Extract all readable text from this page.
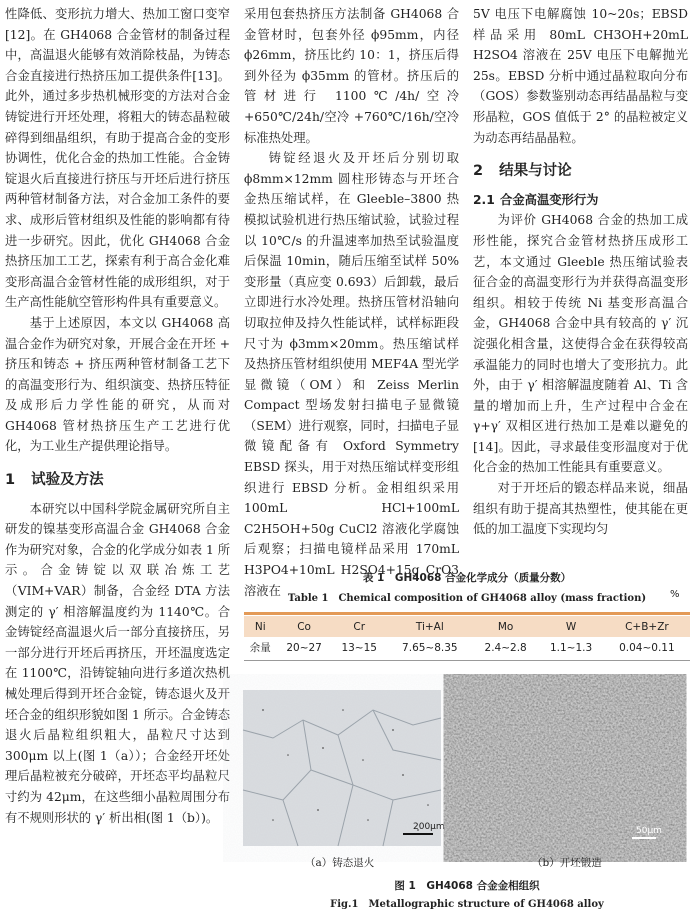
性降低、变形抗力增大、热加工窗口变窄[12]。在 GH4068 合金管材的制备过程中，高温退火能够有效消除枝晶，为铸态合金直接进行热挤压加工提供条件[13]。此外，通过多步热机械形变的方法对合金铸锭进行开坯处理，将粗大的铸态晶粒破碎得到细晶组织，有助于提高合金的变形协调性，优化合金的热加工性能。合金铸锭退火后直接进行挤压与开坯后进行挤压两种管材制备方法，对合金加工条件的要求、成形后管材组织及性能的影响都有待进一步研究。因此，优化 GH4068 合金热挤压加工工艺，探索有利于高合金化难变形高温合金管材性能的成形组织，对于生产高性能航空管形构件具有重要意义。

基于上述原因，本文以 GH4068 高温合金作为研究对象，开展合金在开坯 + 挤压和铸态 + 挤压两种管材制备工艺下的高温变形行为、组织演变、热挤压特征及成形后力学性能的研究，从而对 GH4068 管材热挤压生产工艺进行优化，为工业生产提供理论指导。

1 试验及方法

本研究以中国科学院金属研究所自主研发的镍基变形高温合金 GH4068 合金作为研究对象，合金的化学成分如表 1 所示。合金铸锭以双联冶炼工艺（VIM+VAR）制备，合金经 DTA 方法测定的 γ′ 相溶解温度约为 1140℃。合金铸锭经高温退火后一部分直接挤压，另一部分进行开坯后再挤压，开坯温度选定在 1100℃，沿铸锭轴向进行多道次热机械处理后得到开坯合金锭，铸态退火及开坯合金的组织形貌如图 1 所示。合金铸态退火后晶粒组织粗大，晶粒尺寸达到 300μm 以上(图 1（a））；合金经开坯处理后晶粒被充分破碎，开坯态平均晶粒尺寸约为 42μm，在这些细小晶粒周围分布有不规则形状的 γ′ 析出相(图 1（b）)。

采用包套热挤压方法制备 GH4068 合金管材时，包套外径 ϕ95mm，内径 ϕ26mm，挤压比约 10：1，挤压后得到外径为 ϕ35mm 的管材。挤压后的管材进行 1100℃/4h/空冷 +650℃/24h/空冷 +760℃/16h/空冷标准热处理。

铸锭经退火及开坯后分别切取 ϕ8mm×12mm 圆柱形铸态与开坯合金热压缩试样，在 Gleeble–3800 热模拟试验机进行热压缩试验，试验过程以 10℃/s 的升温速率加热至试验温度后保温 10min，随后压缩至试样 50% 变形量（真应变 0.693）后卸载，最后立即进行水冷处理。热挤压管材沿轴向切取拉伸及持久性能试样，试样标距段尺寸为 ϕ3mm×20mm。热压缩试样及热挤压管材组织使用 MEF4A 型光学显微镜（OM）和 Zeiss Merlin Compact 型场发射扫描电子显微镜（SEM）进行观察，同时，扫描电子显微镜配备有 Oxford Symmetry EBSD 探头，用于对热压缩试样变形组织进行 EBSD 分析。金相组织采用 100mL HCl+100mL C2H5OH+50g CuCl2 溶液化学腐蚀后观察；扫描电镜样品采用 170mL H3PO4+10mL H2SO4+15g CrO3 溶液在

5V 电压下电解腐蚀 10~20s；EBSD 样品采用 80mL CH3OH+20mL H2SO4 溶液在 25V 电压下电解抛光 25s。EBSD 分析中通过晶粒取向分布（GOS）参数鉴别动态再结晶晶粒与变形晶粒，GOS 值低于 2° 的晶粒被定义为动态再结晶晶粒。

2 结果与讨论
2.1 合金高温变形行为

为评价 GH4068 合金的热加工成形性能，探究合金管材热挤压成形工艺，本文通过 Gleeble 热压缩试验表征合金的高温变形行为并获得高温变形组织。相较于传统 Ni 基变形高温合金，GH4068 合金中具有较高的 γ′ 沉淀强化相含量，这使得合金在获得较高承温能力的同时也增大了变形抗力。此外，由于 γ′ 相溶解温度随着 Al、Ti 含量的增加而上升，生产过程中合金在 γ+γ′ 双相区进行热加工是难以避免的[14]。因此，寻求最佳变形温度对于优化合金的热加工性能具有重要意义。

对于开坯后的锻态样品来说，细晶组织有助于提高其热塑性，使其能在更低的加工温度下实现均匀

表 1　GH4068 合金化学成分（质量分数）
Table 1　Chemical composition of GH4068 alloy (mass fraction)	%
Ni	Co	Cr	Ti+Al	Mo	W	C+B+Zr
余量	20~27	13~15	7.65~8.35	2.4~2.8	1.1~1.3	0.04~0.11
200μm	50μm
（a）铸态退火	（b）开坯锻造
图 1　GH4068 合金金相组织
Fig.1　Metallographic structure of GH4068 alloy
